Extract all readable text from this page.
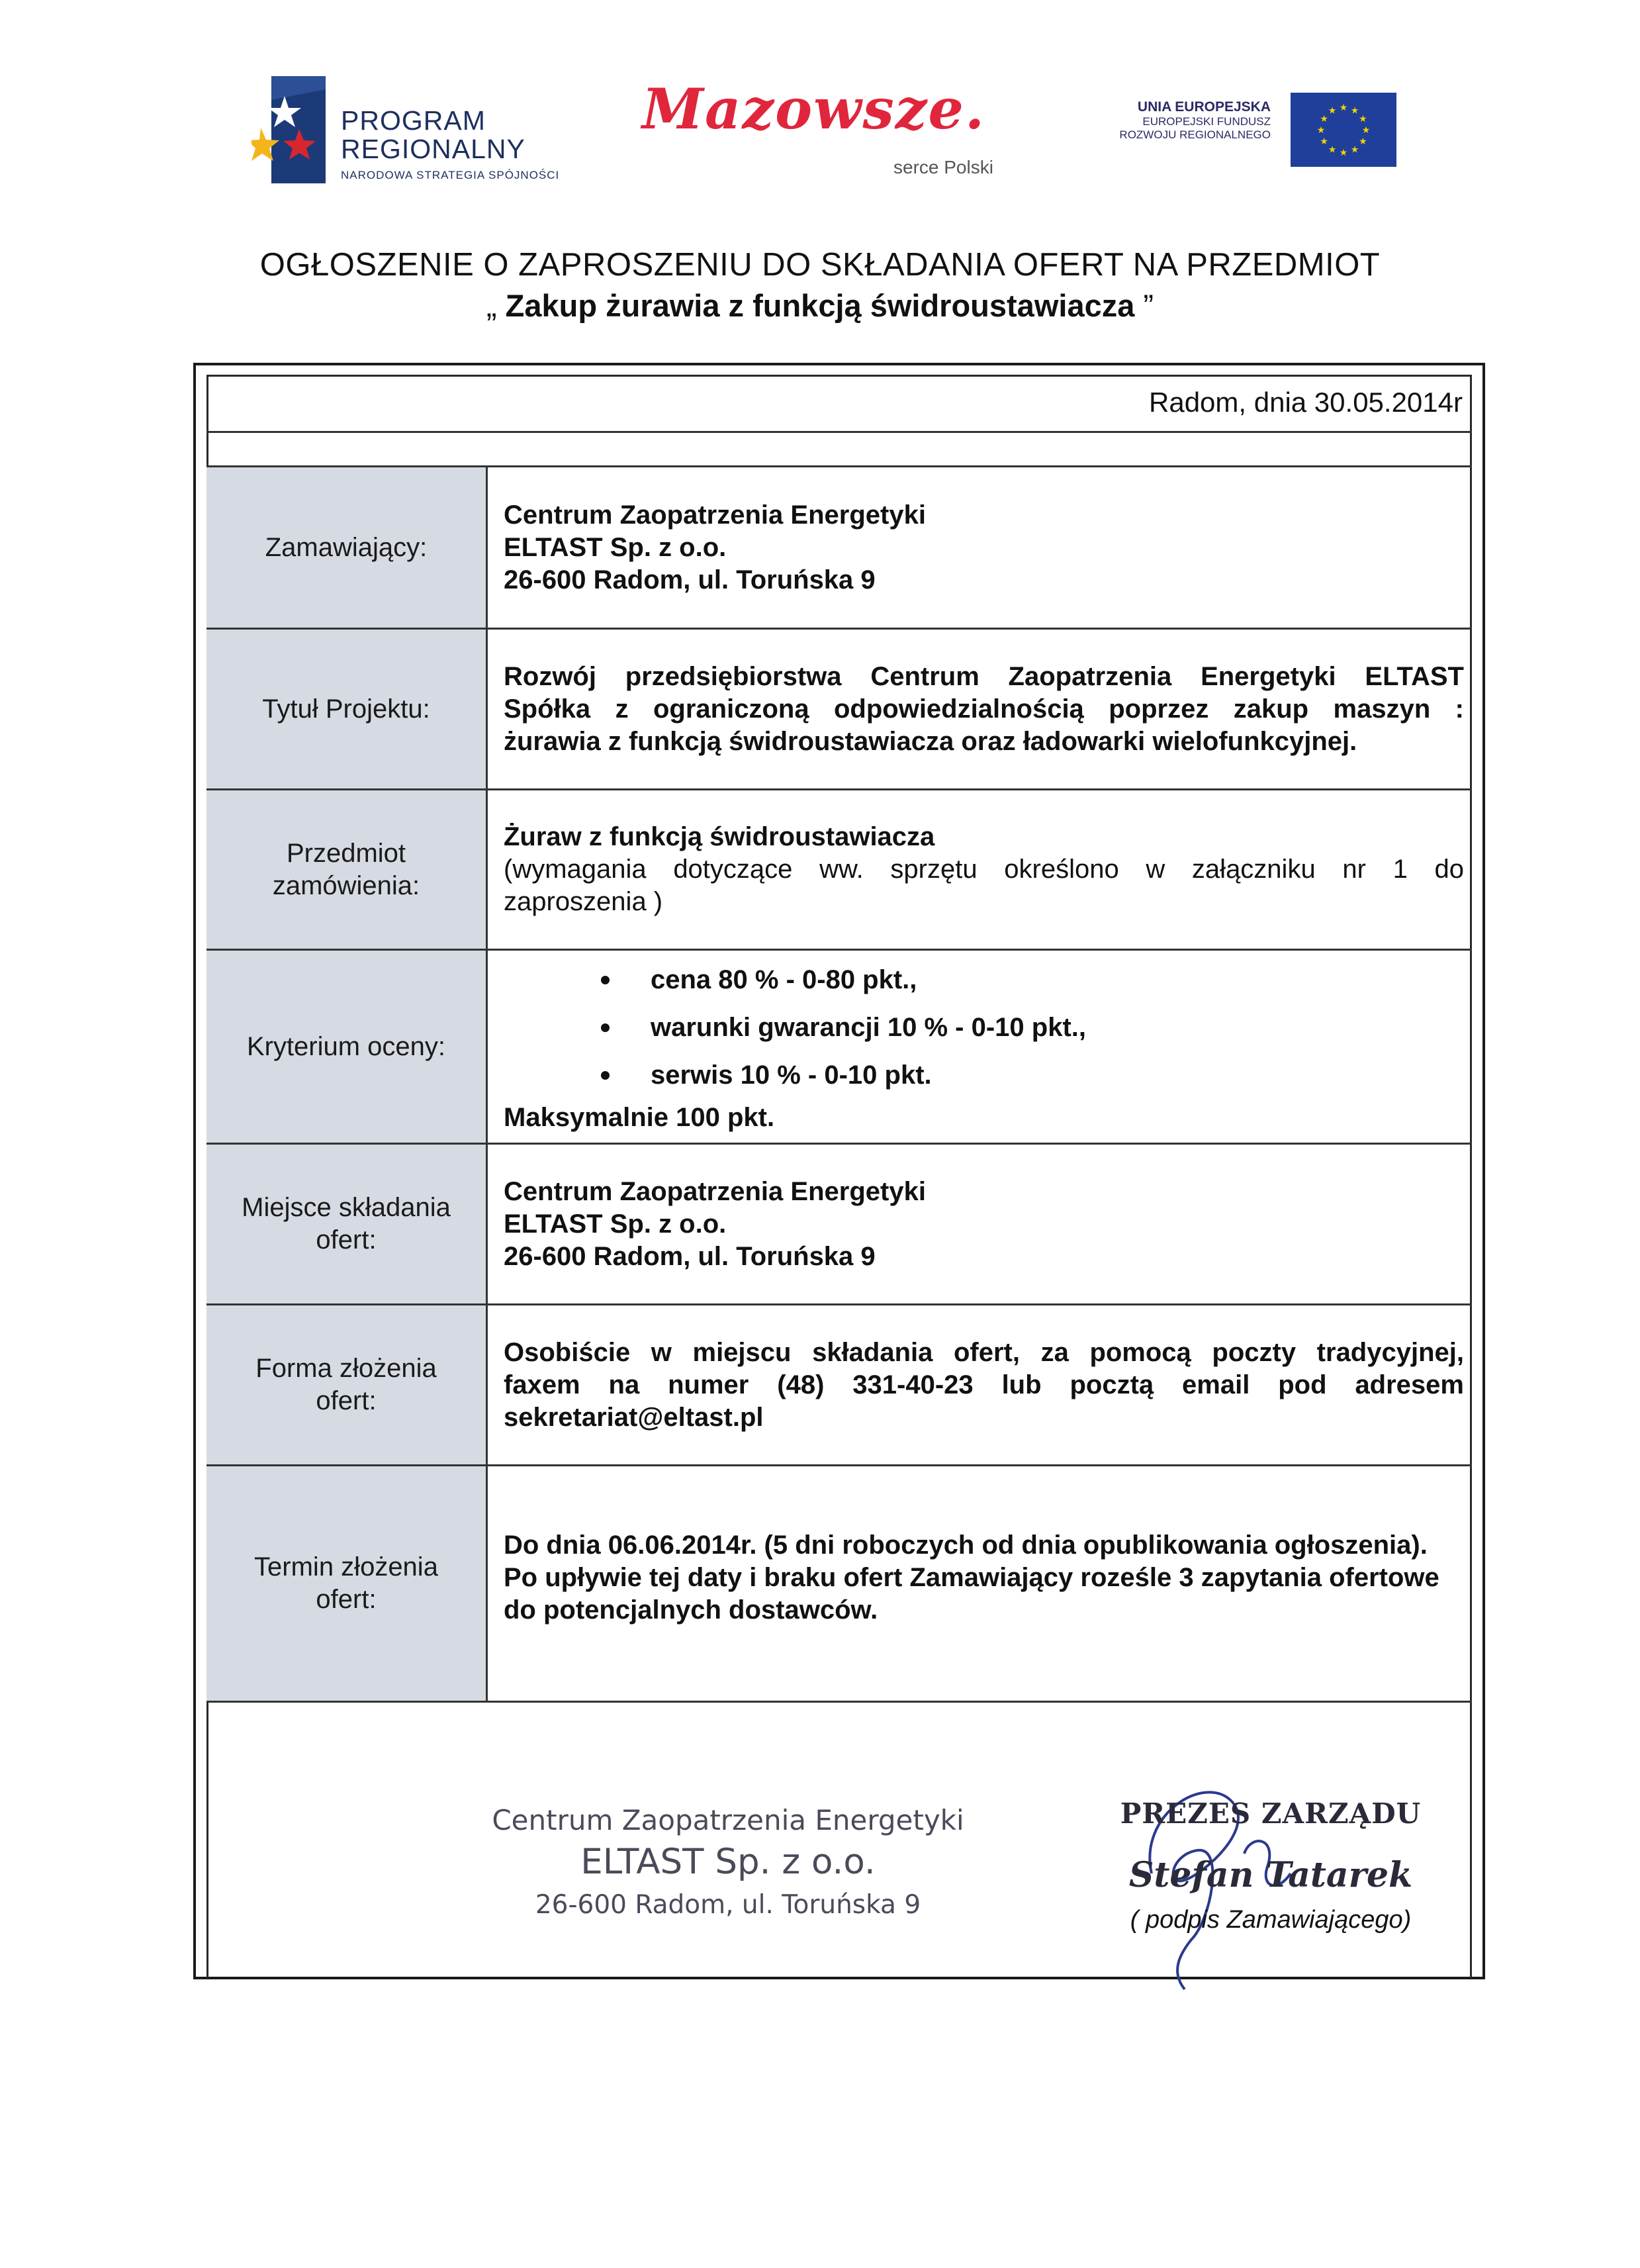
PROGRAM
REGIONALNY
NARODOWA STRATEGIA SPÓJNOŚCI
Mazowsze.
serce Polski
UNIA EUROPEJSKA
EUROPEJSKI FUNDUSZ
ROZWOJU REGIONALNEGO
★ ★
★
★
★
★
★
★
★
★
★
★
OGŁOSZENIE O ZAPROSZENIU DO SKŁADANIA OFERT NA PRZEDMIOT
„ Zakup żurawia z funkcją świdroustawiacza ”
Radom, dnia 30.05.2014r
Zamawiający:
Centrum Zaopatrzenia Energetyki
ELTAST Sp. z o.o.
26-600 Radom, ul. Toruńska 9
Tytuł Projektu:
Rozwój przedsiębiorstwa Centrum Zaopatrzenia Energetyki ELTAST
Spółka z ograniczoną odpowiedzialnością poprzez zakup maszyn :
żurawia z funkcją świdroustawiacza oraz ładowarki wielofunkcyjnej.
Przedmiot
zamówienia:
Żuraw z funkcją świdroustawiacza
(wymagania dotyczące ww. sprzętu określono w załączniku nr 1 do
zaproszenia )
Kryterium oceny:
cena 80 % - 0-80 pkt.,
warunki gwarancji 10 % - 0-10 pkt.,
serwis 10 % - 0-10 pkt.
Maksymalnie 100 pkt.
Miejsce składania
ofert:
Centrum Zaopatrzenia Energetyki
ELTAST Sp. z o.o.
26-600 Radom, ul. Toruńska 9
Forma złożenia
ofert:
Osobiście w miejscu składania ofert, za pomocą poczty tradycyjnej,
faxem na numer (48) 331-40-23 lub pocztą email pod adresem
sekretariat@eltast.pl
Termin złożenia
ofert:
Do dnia 06.06.2014r. (5 dni roboczych od dnia opublikowania ogłoszenia).
Po upływie tej daty i braku ofert Zamawiający roześle 3 zapytania ofertowe
do potencjalnych dostawców.
Centrum Zaopatrzenia Energetyki
ELTAST Sp. z o.o.
26-600 Radom, ul. Toruńska 9
PREZES ZARZĄDU
Stefan Tatarek
( podpis Zamawiającego)
